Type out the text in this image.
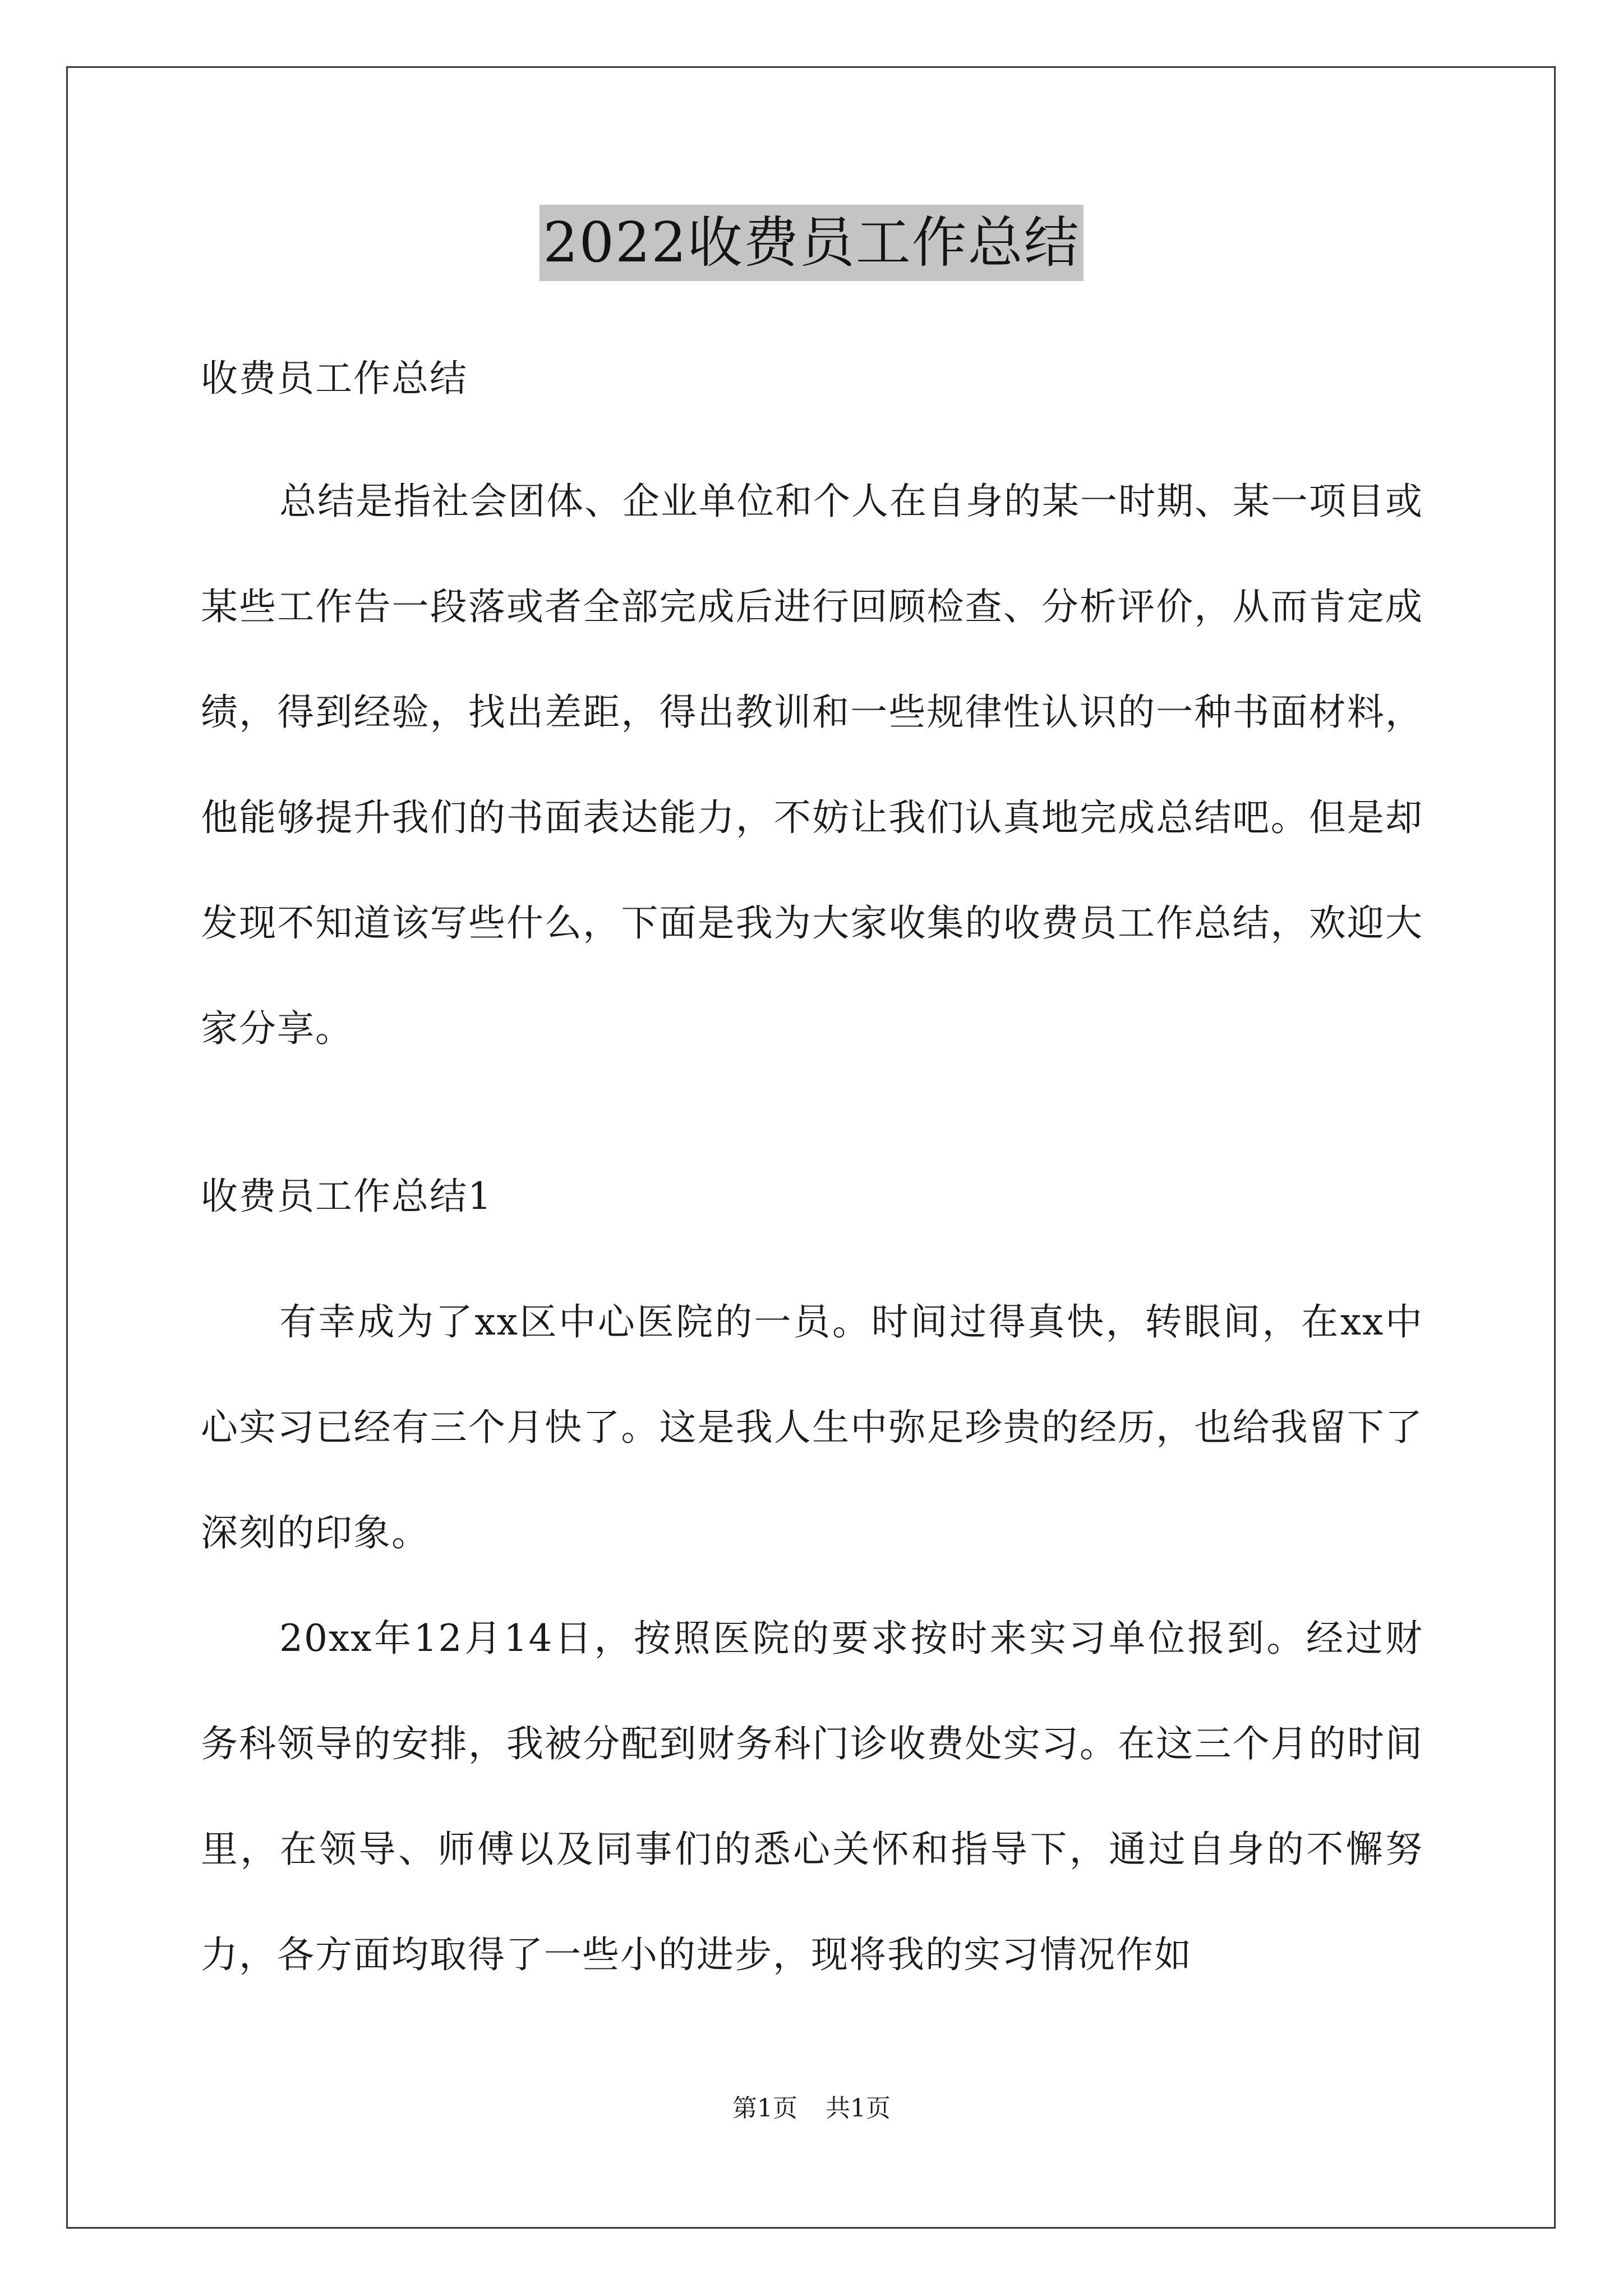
2022收费员工作总结

收费员工作总结

总结是指社会团体、企业单位和个人在自身的某一时期、某一项目或某些工作告一段落或者全部完成后进行回顾检查、分析评价，从而肯定成绩，得到经验，找出差距，得出教训和一些规律性认识的一种书面材料，他能够提升我们的书面表达能力，不妨让我们认真地完成总结吧。但是却发现不知道该写些什么，下面是我为大家收集的收费员工作总结，欢迎大家分享。

收费员工作总结1

有幸成为了xx区中心医院的一员。时间过得真快，转眼间，在xx中心实习已经有三个月快了。这是我人生中弥足珍贵的经历，也给我留下了深刻的印象。

20xx年12月14日，按照医院的要求按时来实习单位报到。经过财务科领导的安排，我被分配到财务科门诊收费处实习。在这三个月的时间里，在领导、师傅以及同事们的悉心关怀和指导下，通过自身的不懈努力，各方面均取得了一些小的进步，现将我的实习情况作如

第1页 共1页
